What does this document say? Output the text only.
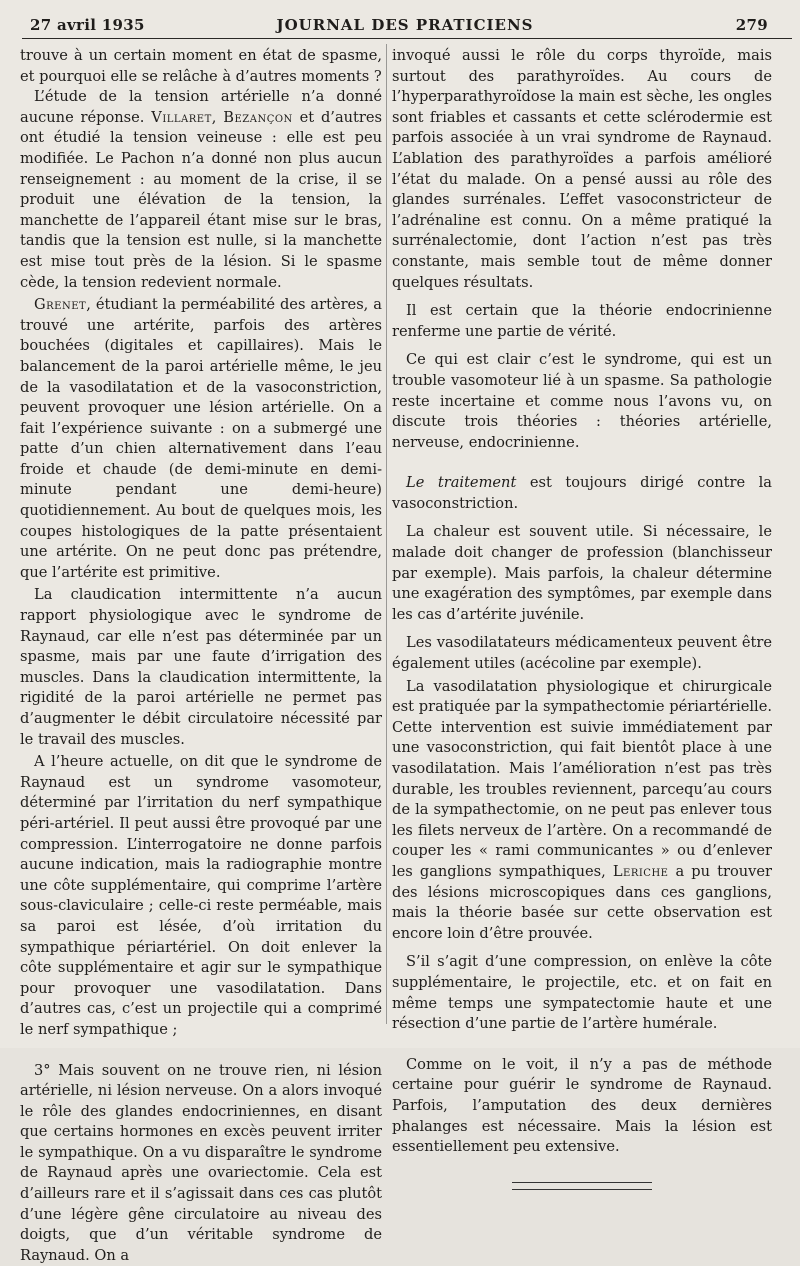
27 avril 1935	JOURNAL DES PRATICIENS	279

trouve à un certain moment en état de spasme, et pourquoi elle se relâche à d’autres moments ?

L’étude de la tension artérielle n’a donné aucune réponse. Villaret, Bezançon et d’autres ont étudié la tension veineuse : elle est peu modifiée. Le Pachon n’a donné non plus aucun renseignement : au moment de la crise, il se produit une élévation de la tension, la manchette de l’appareil étant mise sur le bras, tandis que la tension est nulle, si la manchette est mise tout près de la lésion. Si le spasme cède, la tension redevient normale.

Grenet, étudiant la perméabilité des artères, a trouvé une artérite, parfois des artères bouchées (digitales et capillaires). Mais le balancement de la paroi artérielle même, le jeu de la vasodilatation et de la vasoconstriction, peuvent provoquer une lésion artérielle. On a fait l’expérience suivante : on a submergé une patte d’un chien alternativement dans l’eau froide et chaude (de demi-minute en demi-minute pendant une demi-heure) quotidiennement. Au bout de quelques mois, les coupes histologiques de la patte présentaient une artérite. On ne peut donc pas prétendre, que l’artérite est primitive.

La claudication intermittente n’a aucun rapport physiologique avec le syndrome de Raynaud, car elle n’est pas déterminée par un spasme, mais par une faute d’irrigation des muscles. Dans la claudication intermittente, la rigidité de la paroi artérielle ne permet pas d’augmenter le débit circulatoire nécessité par le travail des muscles.

A l’heure actuelle, on dit que le syndrome de Raynaud est un syndrome vasomoteur, déterminé par l’irritation du nerf sympathique péri-artériel. Il peut aussi être provoqué par une compression. L’interrogatoire ne donne parfois aucune indication, mais la radiographie montre une côte supplémentaire, qui comprime l’artère sous-claviculaire ; celle-ci reste perméable, mais sa paroi est lésée, d’où irritation du sympathique périartériel. On doit enlever la côte supplémentaire et agir sur le sympathique pour provoquer une vasodilatation. Dans d’autres cas, c’est un projectile qui a comprimé le nerf sympathique ;

3° Mais souvent on ne trouve rien, ni lésion artérielle, ni lésion nerveuse. On a alors invoqué le rôle des glandes endocriniennes, en disant que certains hormones en excès peuvent irriter le sympathique. On a vu disparaître le syndrome de Raynaud après une ovariectomie. Cela est d’ailleurs rare et il s’agissait dans ces cas plutôt d’une légère gêne circulatoire au niveau des doigts, que d’un véritable syndrome de Raynaud. On a

invoqué aussi le rôle du corps thyroïde, mais surtout des parathyroïdes. Au cours de l’hyperparathyroïdose la main est sèche, les ongles sont friables et cassants et cette sclérodermie est parfois associée à un vrai syndrome de Raynaud. L’ablation des parathyroïdes a parfois amélioré l’état du malade. On a pensé aussi au rôle des glandes surrénales. L’effet vasoconstricteur de l’adrénaline est connu. On a même pratiqué la surrénalectomie, dont l’action n’est pas très constante, mais semble tout de même donner quelques résultats.

Il est certain que la théorie endocrinienne renferme une partie de vérité.

Ce qui est clair c’est le syndrome, qui est un trouble vasomoteur lié à un spasme. Sa pathologie reste incertaine et comme nous l’avons vu, on discute trois théories : théories artérielle, nerveuse, endocrinienne.

Le traitement est toujours dirigé contre la vasoconstriction.

La chaleur est souvent utile. Si nécessaire, le malade doit changer de profession (blanchisseur par exemple). Mais parfois, la chaleur détermine une exagération des symptômes, par exemple dans les cas d’artérite juvénile.

Les vasodilatateurs médicamenteux peuvent être également utiles (acécoline par exemple).

La vasodilatation physiologique et chirurgicale est pratiquée par la sympathectomie périartérielle. Cette intervention est suivie immédiatement par une vasoconstriction, qui fait bientôt place à une vasodilatation. Mais l’amélioration n’est pas très durable, les troubles reviennent, parcequ’au cours de la sympathectomie, on ne peut pas enlever tous les filets nerveux de l’artère. On a recommandé de couper les « rami communicantes » ou d’enlever les ganglions sympathiques, Leriche a pu trouver des lésions microscopiques dans ces ganglions, mais la théorie basée sur cette observation est encore loin d’être prouvée.

S’il s’agit d’une compression, on enlève la côte supplémentaire, le projectile, etc. et on fait en même temps une sympatectomie haute et une résection d’une partie de l’artère humérale.

Comme on le voit, il n’y a pas de méthode certaine pour guérir le syndrome de Raynaud. Parfois, l’amputation des deux dernières phalanges est nécessaire. Mais la lésion est essentiellement peu extensive.
